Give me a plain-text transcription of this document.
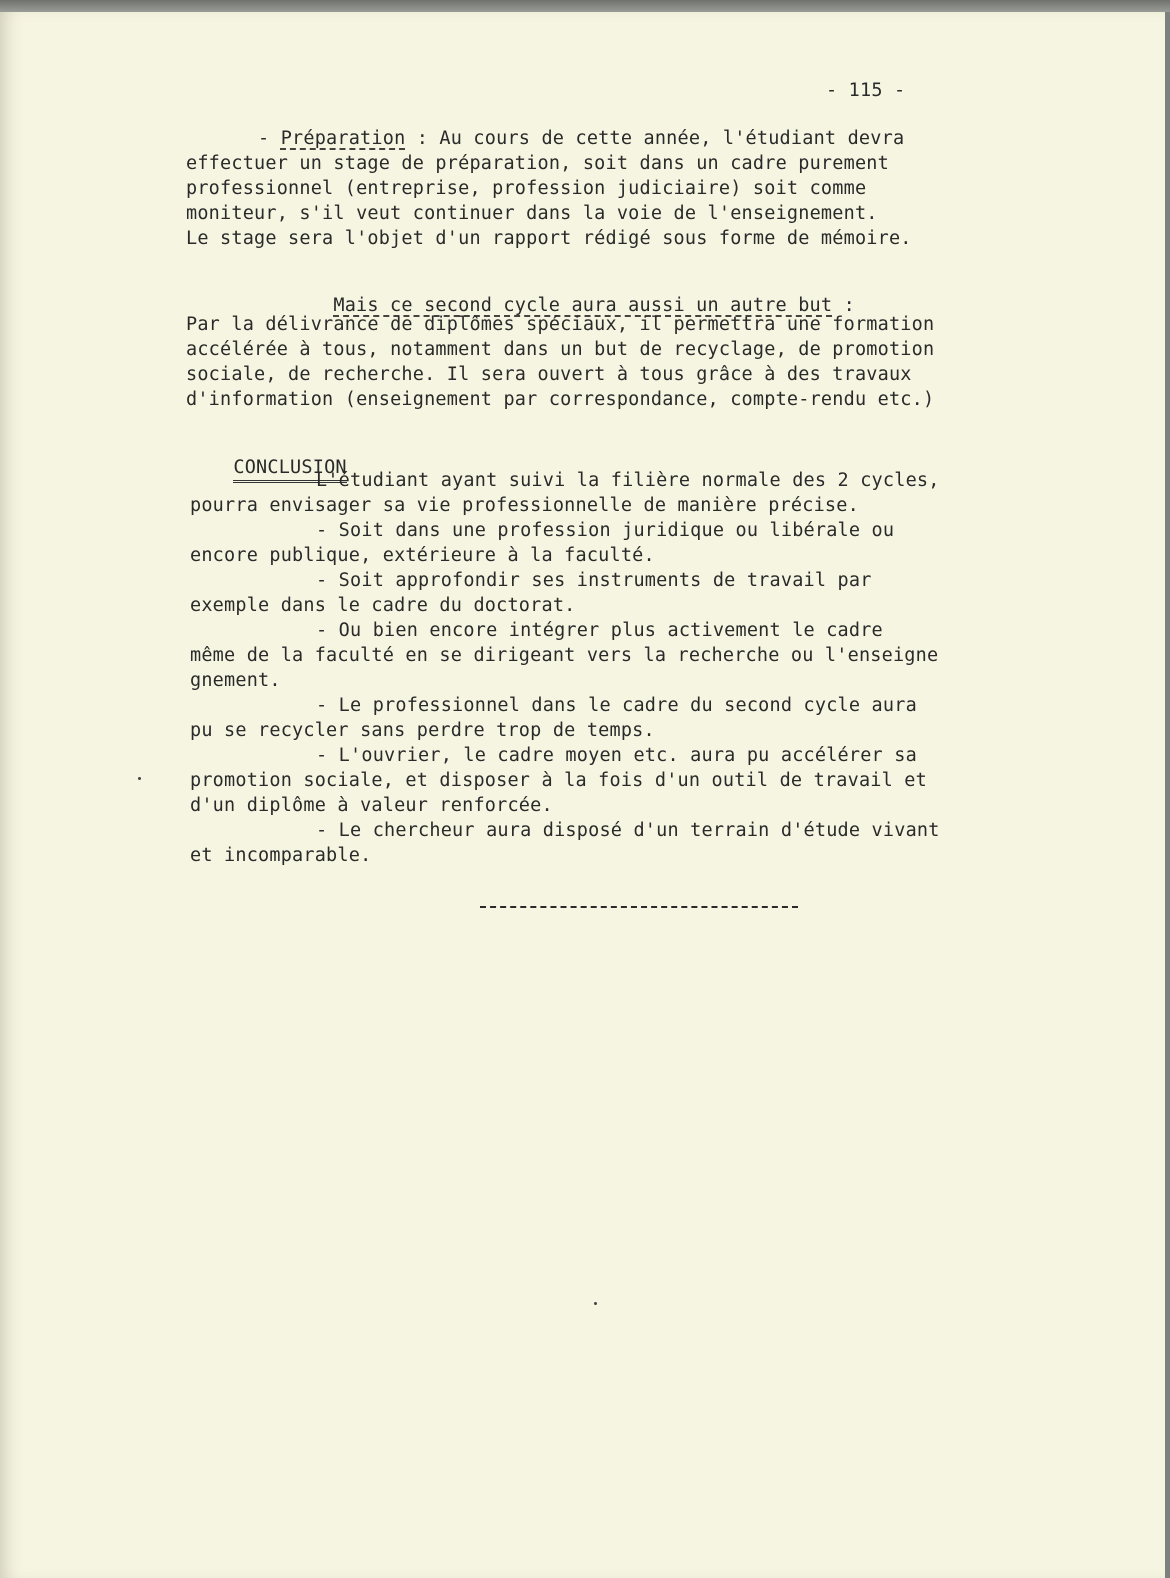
- 115 -

- Préparation : Au cours de cette année, l'étudiant devra

effectuer un stage de préparation, soit dans un cadre purement

professionnel (entreprise, profession judiciaire) soit comme

moniteur, s'il veut continuer dans la voie de l'enseignement.

Le stage sera l'objet d'un rapport rédigé sous forme de mémoire.

Mais ce second cycle aura aussi un autre but :

Par la délivrance de diplômes spéciaux, il permettra une formation

accélérée à tous, notamment dans un but de recyclage, de promotion

sociale, de recherche. Il sera ouvert à tous grâce à des travaux

d'information (enseignement par correspondance, compte-rendu etc.)

CONCLUSION

L'étudiant ayant suivi la filière normale des 2 cycles,

pourra envisager sa vie professionnelle de manière précise.

- Soit dans une profession juridique ou libérale ou

encore publique, extérieure à la faculté.

- Soit approfondir ses instruments de travail par

exemple dans le cadre du doctorat.

- Ou bien encore intégrer plus activement le cadre

même de la faculté en se dirigeant vers la recherche ou l'enseigne

gnement.

- Le professionnel dans le cadre du second cycle aura

pu se recycler sans perdre trop de temps.

- L'ouvrier, le cadre moyen etc. aura pu accélérer sa

promotion sociale, et disposer à la fois d'un outil de travail et

d'un diplôme à valeur renforcée.

- Le chercheur aura disposé d'un terrain d'étude vivant

et incomparable.
